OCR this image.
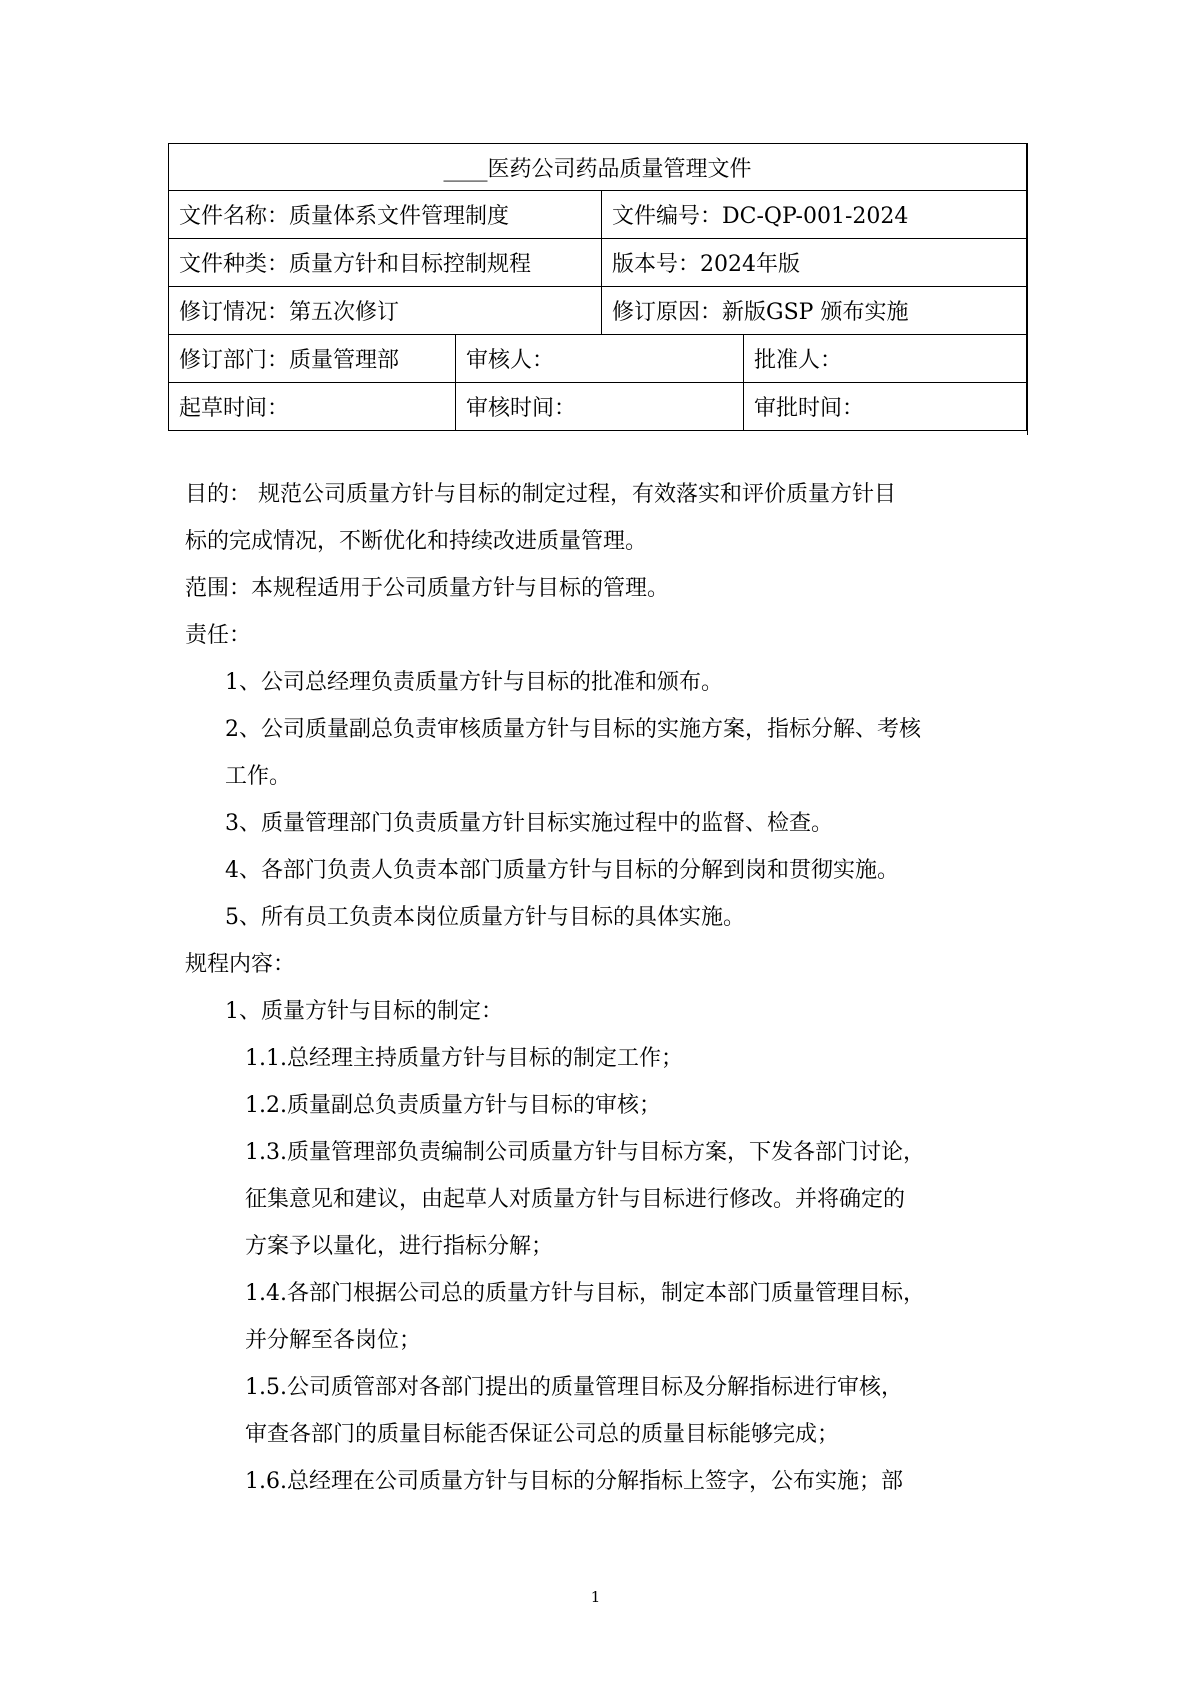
____医药公司药品质量管理文件			
文件名称：质量体系文件管理制度		文件编号：DC-QP-001-2024	
文件种类：质量方针和目标控制规程		版本号：2024年版	
修订情况：第五次修订		修订原因：新版GSP 颁布实施	
修订部门：质量管理部	审核人：		批准人：
起草时间：	审核时间：		审批时间：
目的： 规范公司质量方针与目标的制定过程，有效落实和评价质量方针目
标的完成情况，不断优化和持续改进质量管理。
范围：本规程适用于公司质量方针与目标的管理。
责任：
1、公司总经理负责质量方针与目标的批准和颁布。
2、公司质量副总负责审核质量方针与目标的实施方案，指标分解、考核
工作。
3、质量管理部门负责质量方针目标实施过程中的监督、检查。
4、各部门负责人负责本部门质量方针与目标的分解到岗和贯彻实施。
5、所有员工负责本岗位质量方针与目标的具体实施。
规程内容：
1、质量方针与目标的制定：
1.1.总经理主持质量方针与目标的制定工作；
1.2.质量副总负责质量方针与目标的审核；
1.3.质量管理部负责编制公司质量方针与目标方案，下发各部门讨论，
征集意见和建议，由起草人对质量方针与目标进行修改。并将确定的
方案予以量化，进行指标分解；
1.4.各部门根据公司总的质量方针与目标，制定本部门质量管理目标，
并分解至各岗位；
1.5.公司质管部对各部门提出的质量管理目标及分解指标进行审核，
审查各部门的质量目标能否保证公司总的质量目标能够完成；
1.6.总经理在公司质量方针与目标的分解指标上签字，公布实施；部
1
